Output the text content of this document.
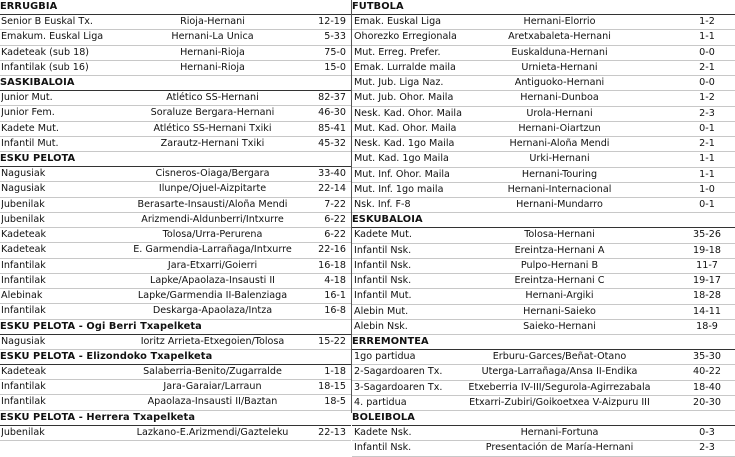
ERRUGBIA
Senior B Euskal Tx.	Rioja-Hernani	12-19
Emakum. Euskal Liga	Hernani-La Unica	5-33
Kadeteak (sub 18)	Hernani-Rioja	75-0
Infantilak (sub 16)	Hernani-Rioja	15-0
SASKIBALOIA
Junior Mut.	Atlético SS-Hernani	82-37
Junior Fem.	Soraluze Bergara-Hernani	46-30
Kadete Mut.	Atlético SS-Hernani Txiki	85-41
Infantil Mut.	Zarautz-Hernani Txiki	45-32
ESKU PELOTA
Nagusiak	Cisneros-Oiaga/Bergara	33-40
Nagusiak	Ilunpe/Ojuel-Aizpitarte	22-14
Jubenilak	Berasarte-Insausti/Aloña Mendi	7-22
Jubenilak	Arizmendi-Aldunberri/Intxurre	6-22
Kadeteak	Tolosa/Urra-Perurena	6-22
Kadeteak	E. Garmendia-Larrañaga/Intxurre	22-16
Infantilak	Jara-Etxarri/Goierri	16-18
Infantilak	Lapke/Apaolaza-Insausti II	4-18
Alebinak	Lapke/Garmendia II-Balenziaga	16-1
Infantilak	Deskarga-Apaolaza/Intza	16-8
ESKU PELOTA - Ogi Berri Txapelketa
Nagusiak	Ioritz Arrieta-Etxegoien/Tolosa	15-22
ESKU PELOTA - Elizondoko Txapelketa
Kadeteak	Salaberria-Benito/Zugarralde	1-18
Infantilak	Jara-Garaiar/Larraun	18-15
Infantilak	Apaolaza-Insausti II/Baztan	18-5
ESKU PELOTA - Herrera Txapelketa
Jubenilak	Lazkano-E.Arizmendi/Gaztelеku	22-13
FUTBOLA
Emak. Euskal Liga	Hernani-Elorrio	1-2
Ohorezko Erregionala	Aretxabaleta-Hernani	1-1
Mut. Erreg. Prefer.	Euskalduna-Hernani	0-0
Emak. Lurralde maila	Urnieta-Hernani	2-1
Mut. Jub. Liga Naz.	Antiguoko-Hernani	0-0
Mut. Jub. Ohor. Maila	Hernani-Dunboa	1-2
Nesk. Kad. Ohor. Maila	Urola-Hernani	2-3
Mut. Kad. Ohor. Maila	Hernani-Oiartzun	0-1
Nesk. Kad. 1go Maila	Hernani-Aloña Mendi	2-1
Mut. Kad. 1go Maila	Urki-Hernani	1-1
Mut. Inf. Ohor. Maila	Hernani-Touring	1-1
Mut. Inf. 1go maila	Hernani-Internacional	1-0
Nsk. Inf. F-8	Hernani-Mundarro	0-1
ESKUBALOIA
Kadete Mut.	Tolosa-Hernani	35-26
Infantil Nsk.	Ereintza-Hernani A	19-18
Infantil Nsk.	Pulpo-Hernani B	11-7
Infantil Nsk.	Ereintza-Hernani C	19-17
Infantil Mut.	Hernani-Argiki	18-28
Alebin Mut.	Hernani-Saieko	14-11
Alebin Nsk.	Saieko-Hernani	18-9
ERREMONTEA
1go partidua	Erburu-Garces/Beñat-Otano	35-30
2-Sagardoaren Tx.	Uterga-Larrañaga/Ansa II-Endika	40-22
3-Sagardoaren Tx.	Etxeberria IV-III/Segurola-Agirrezabala	18-40
4. partidua	Etxarri-Zubiri/Goikoetxea V-Aizpuru III	20-30
BOLEIBOLA
Kadete Nsk.	Hernani-Fortuna	0-3
Infantil Nsk.	Presentación de María-Hernani	2-3
